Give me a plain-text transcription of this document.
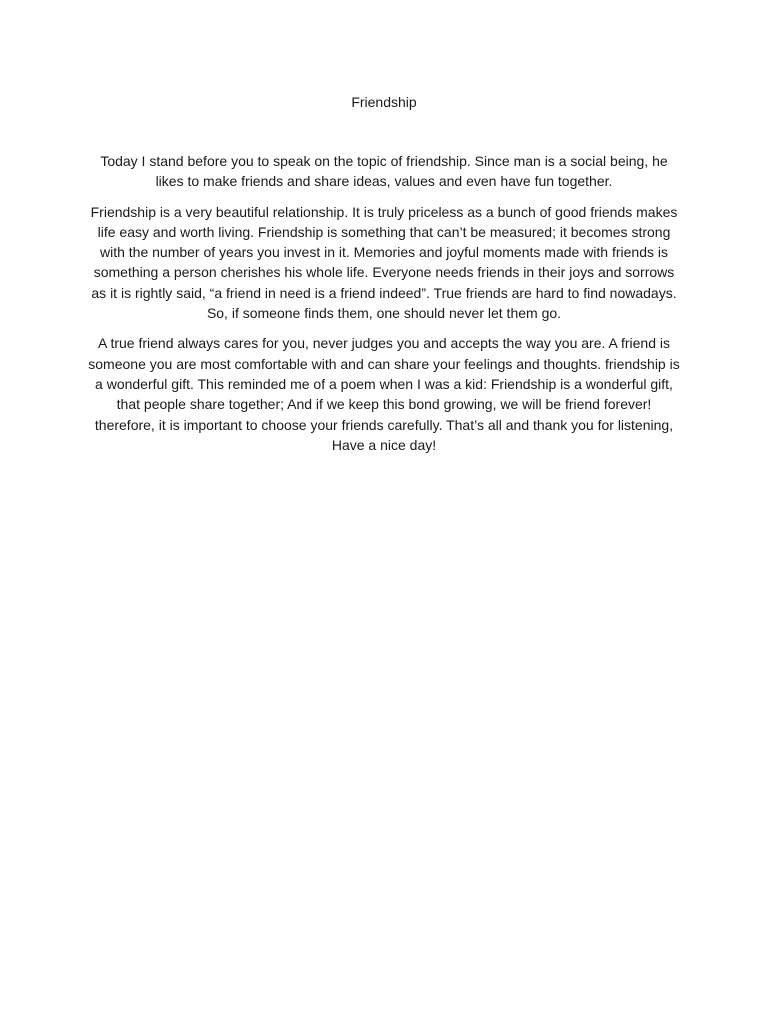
Friendship

Today I stand before you to speak on the topic of friendship. Since man is a social being, he likes to make friends and share ideas, values and even have fun together.

Friendship is a very beautiful relationship. It is truly priceless as a bunch of good friends makes life easy and worth living. Friendship is something that can’t be measured; it becomes strong with the number of years you invest in it. Memories and joyful moments made with friends is something a person cherishes his whole life. Everyone needs friends in their joys and sorrows as it is rightly said, “a friend in need is a friend indeed”. True friends are hard to find nowadays. So, if someone finds them, one should never let them go.

A true friend always cares for you, never judges you and accepts the way you are. A friend is someone you are most comfortable with and can share your feelings and thoughts. friendship is a wonderful gift. This reminded me of a poem when I was a kid: Friendship is a wonderful gift, that people share together; And if we keep this bond growing, we will be friend forever! therefore, it is important to choose your friends carefully. That’s all and thank you for listening, Have a nice day!
